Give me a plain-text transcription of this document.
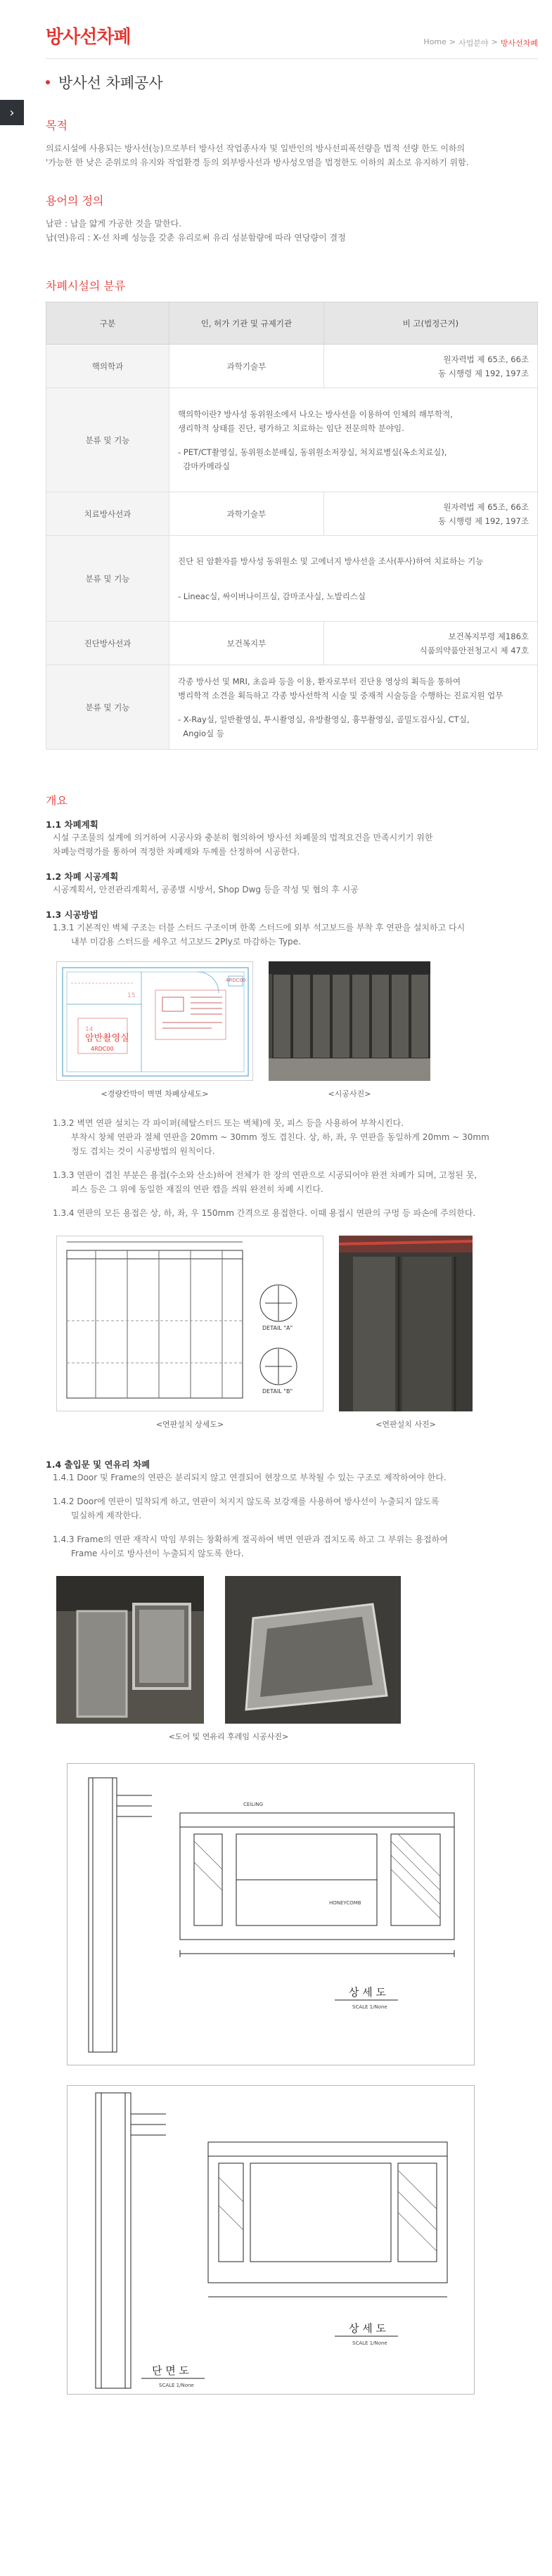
›
방사선차폐	Home > 사업분야 > 방사선차폐
방사선 차폐공사
목적
의료시설에 사용되는 방사선(능)으로부터 방사선 작업종사자 및 일반인의 방사선피폭선량을 법적 선량 한도 이하의
'가능한 한 낮은 준위로의 유지와 작업환경 등의 외부방사선과 방사성오염을 법정한도 이하의 최소로 유지하기 위함.
용어의 정의
납판 : 납을 얇게 가공한 것을 말한다.
납(연)유리 : X-선 차폐 성능을 갖춘 유리로써 유리 성분함량에 따라 연당량이 결정
차폐시설의 분류
구분	인, 허가 기관 및 규제기관	비 고(법정근거)
핵의학과	과학기술부	원자력법 제 65조, 66조
동 시행령 제 192, 197조

분류 및 기능	핵의학이란? 방사성 동위원소에서 나오는 방사선을 이용하여 인체의 해부학적,
생리학적 상태를 진단, 평가하고 치료하는 임단 전문의학 분야임.
- PET/CT촬영실, 동위원소분배실, 동위원소저장실, 처치료병실(옥소치료실),
감마카메라실	

치료방사선과	과학기술부	원자력법 제 65조, 66조
동 시행령 제 192, 197조

분류 및 기능	진단 된 암환자를 방사성 동위원소 및 고에너지 방사선을 조사(투사)하여 치료하는 기능
- Lineac실, 싸이버나이프실, 감마조사실, 노발리스실	

진단방사선과	보건복지부	보건복지부령 제186호
식품의약품안전청고시 제 47호

분류 및 기능	각종 방사선 및 MRI, 초음파 등을 이용, 환자로부터 진단용 영상의 획득을 통하여
병리학적 소견을 획득하고 각종 방사선학적 시술 및 중재적 시술등을 수행하는 진료지원 업무
- X-Ray실, 일반촬영실, 투시촬영실, 유방촬영실, 흉부촬영실, 골밀도검사실, CT실,
Angio실 등	
개요
1.1 차폐계획
시설 구조물의 설계에 의거하여 시공사와 충분히 협의하여 방사선 차폐물의 법적요건을 만족시키기 위한
차폐능력평가를 통하여 적정한 차폐재와 두께를 산정하여 시공한다.
1.2 차폐 시공계획
시공계획서, 안전관리계획서, 공종별 시방서, Shop Dwg 등을 작성 및 협의 후 시공
1.3 시공방법
1.3.1 기본적인 벽체 구조는 더블 스터드 구조이며 한쪽 스터드에 외부 석고보드를 부착 후 연판을 설치하고 다시
내부 미감용 스터드를 세우고 석고보드 2Ply로 마감하는 Type.
4RDC00
암반촬영실
4RDC00
14
15
<경량칸막이 벽면 차폐상세도>	<시공사진>
1.3.2 벽면 연판 설치는 각 파이퍼(헤탈스터드 또는 벽체)에 못, 피스 등을 사용하여 부착시킨다.
부착시 창체 연판과 절체 연판을 20mm ~ 30mm 정도 겹친다. 상, 하, 좌, 우 연판을 동일하게 20mm ~ 30mm
정도 겹치는 것이 시공방법의 원칙이다.
1.3.3 연판이 겹친 부분은 용접(수소와 산소)하여 전체가 한 장의 연판으로 시공되어야 완전 차폐가 되며, 고정된 못,
피스 등은 그 위에 동일한 재질의 연판 캡을 씌워 완전히 차폐 시킨다.
1.3.4 연판의 모든 용접은 상, 하, 좌, 우 150mm 간격으로 용접한다. 이때 용접시 연판의 구멍 등 파손에 주의한다.
DETAIL "A"
DETAIL "B"
<연판설치 상세도>	<연판설치 사진>
1.4 출입문 및 연유리 차폐
1.4.1 Door 및 Frame의 연판은 분리되지 않고 연결되어 현장으로 부착될 수 있는 구조로 제작하여야 한다.
1.4.2 Door에 연판이 밀착되게 하고, 연판이 처지지 않도록 보강재를 사용하여 방사선이 누출되지 않도록
밀실하게 제작한다.
1.4.3 Frame의 연판 재작시 막임 부위는 창확하게 절곡하여 벽면 연판과 겹치도록 하고 그 부위는 용접하여
Frame 사이로 방사선이 누출되지 않도록 한다.
<도어 및 연유리 후레임 시공사진>
상 세 도
SCALE 1/None
HONEYCOMB
CEILING
상 세 도
SCALE 1/None
단 면 도
SCALE 1/None
